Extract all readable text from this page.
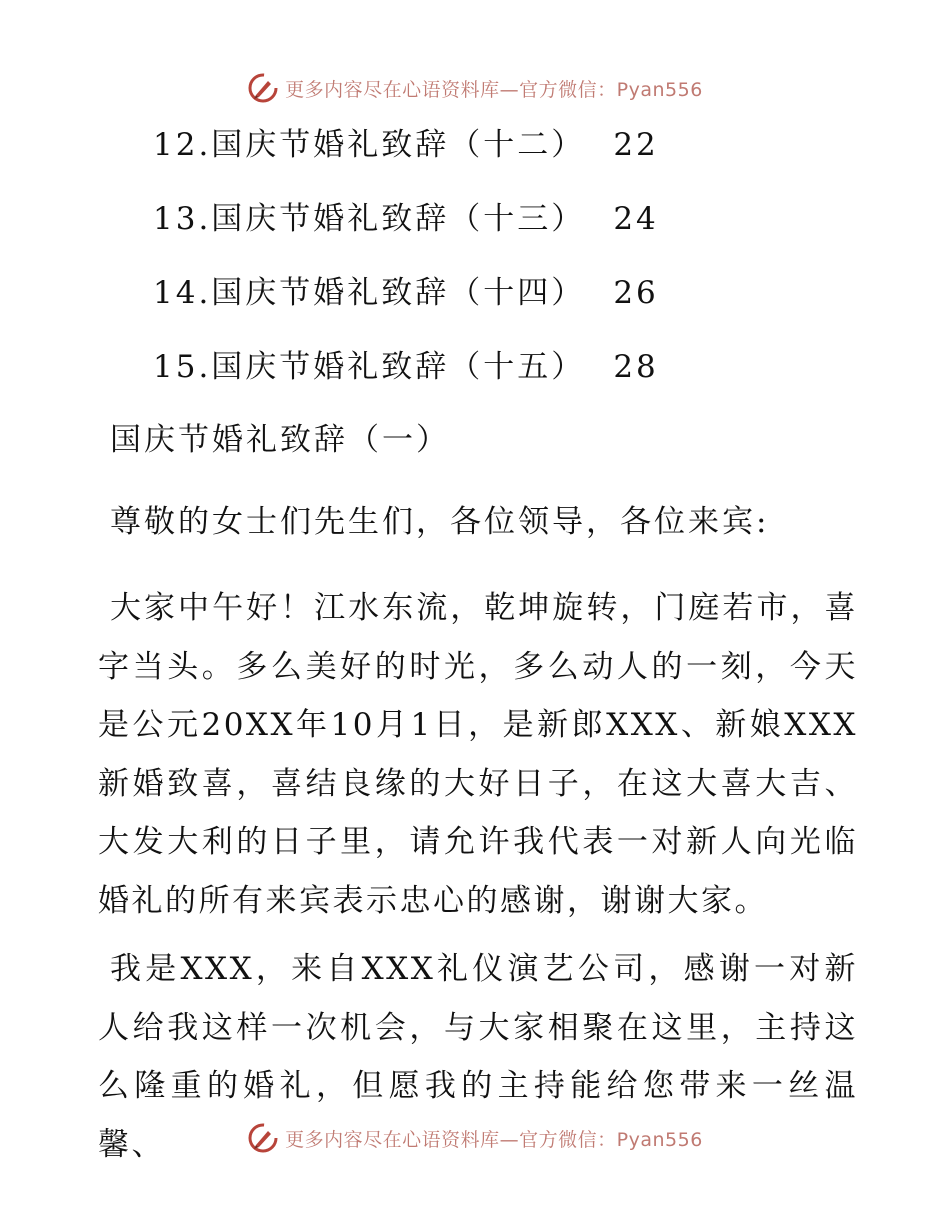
更多内容尽在心语资料库—官方微信：Pyan556
12.国庆节婚礼致辞（十二） 22
13.国庆节婚礼致辞（十三） 24
14.国庆节婚礼致辞（十四） 26
15.国庆节婚礼致辞（十五） 28
国庆节婚礼致辞（一）
尊敬的女士们先生们，各位领导，各位来宾:

大家中午好！江水东流，乾坤旋转，门庭若市，喜字当头。多么美好的时光，多么动人的一刻，今天是公元20XX年10月1日，是新郎XXX、新娘XXX新婚致喜，喜结良缘的大好日子，在这大喜大吉、大发大利的日子里，请允许我代表一对新人向光临婚礼的所有来宾表示忠心的感谢，谢谢大家。

我是XXX，来自XXX礼仪演艺公司，感谢一对新人给我这样一次机会，与大家相聚在这里，主持这么隆重的婚礼，但愿我的主持能给您带来一丝温馨、	更多内容尽在心语资料库—官方微信：Pyan556
